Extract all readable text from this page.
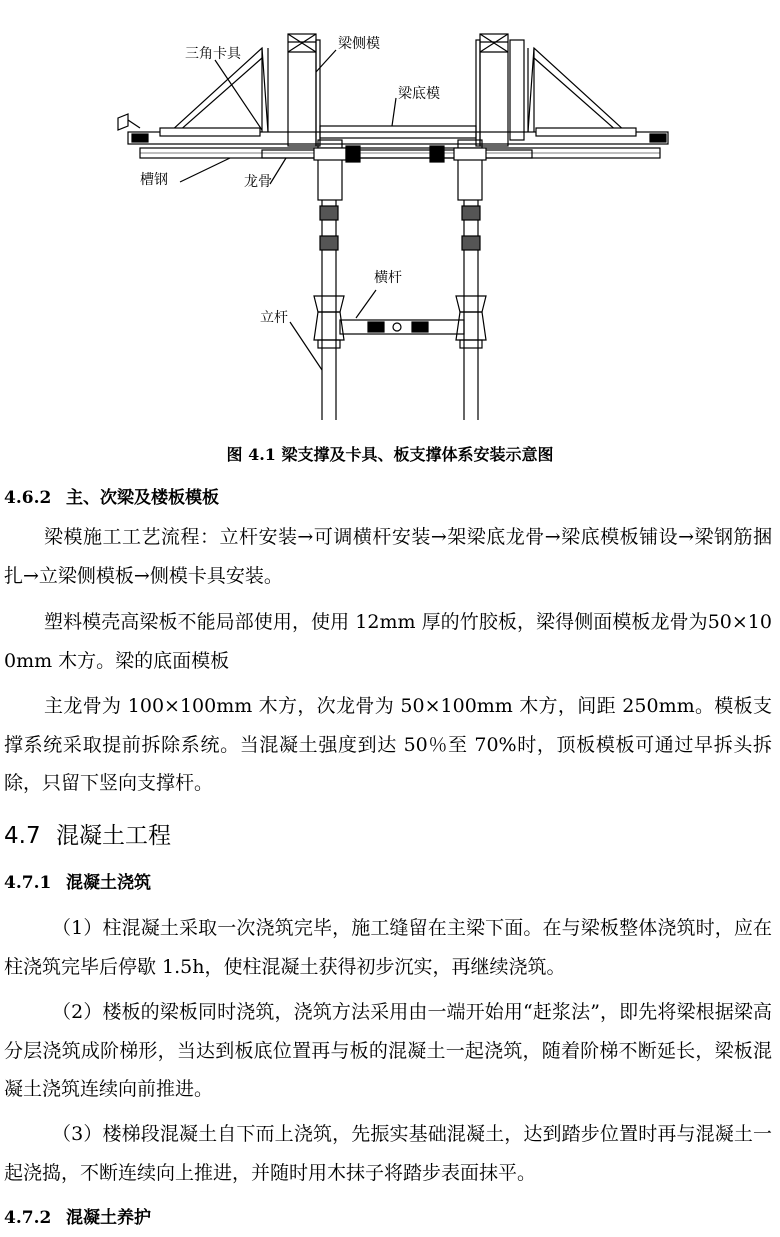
三角卡具
梁侧模
梁底模
槽钢	龙骨
横杆
立杆
图 4.1 梁支撑及卡具、板支撑体系安装示意图
4.6.2 主、次梁及楼板模板

梁模施工工艺流程：立杆安装→可调横杆安装→架梁底龙骨→梁底模板铺设→梁钢筋捆扎→立梁侧模板→侧模卡具安装。

塑料模壳高梁板不能局部使用，使用 12mm 厚的竹胶板，梁得侧面模板龙骨为50×100mm 木方。梁的底面模板

主龙骨为 100×100mm 木方，次龙骨为 50×100mm 木方，间距 250mm。模板支撑系统采取提前拆除系统。当混凝土强度到达 50％至 70%时，顶板模板可通过早拆头拆除，只留下竖向支撑杆。

4.7 混凝土工程
4.7.1 混凝土浇筑

（1）柱混凝土采取一次浇筑完毕，施工缝留在主梁下面。在与梁板整体浇筑时，应在柱浇筑完毕后停歇 1.5h，使柱混凝土获得初步沉实，再继续浇筑。

（2）楼板的梁板同时浇筑，浇筑方法采用由一端开始用“赶浆法”，即先将梁根据梁高分层浇筑成阶梯形，当达到板底位置再与板的混凝土一起浇筑，随着阶梯不断延长，梁板混凝土浇筑连续向前推进。

（3）楼梯段混凝土自下而上浇筑，先振实基础混凝土，达到踏步位置时再与混凝土一起浇捣，不断连续向上推进，并随时用木抹子将踏步表面抹平。

4.7.2 混凝土养护
